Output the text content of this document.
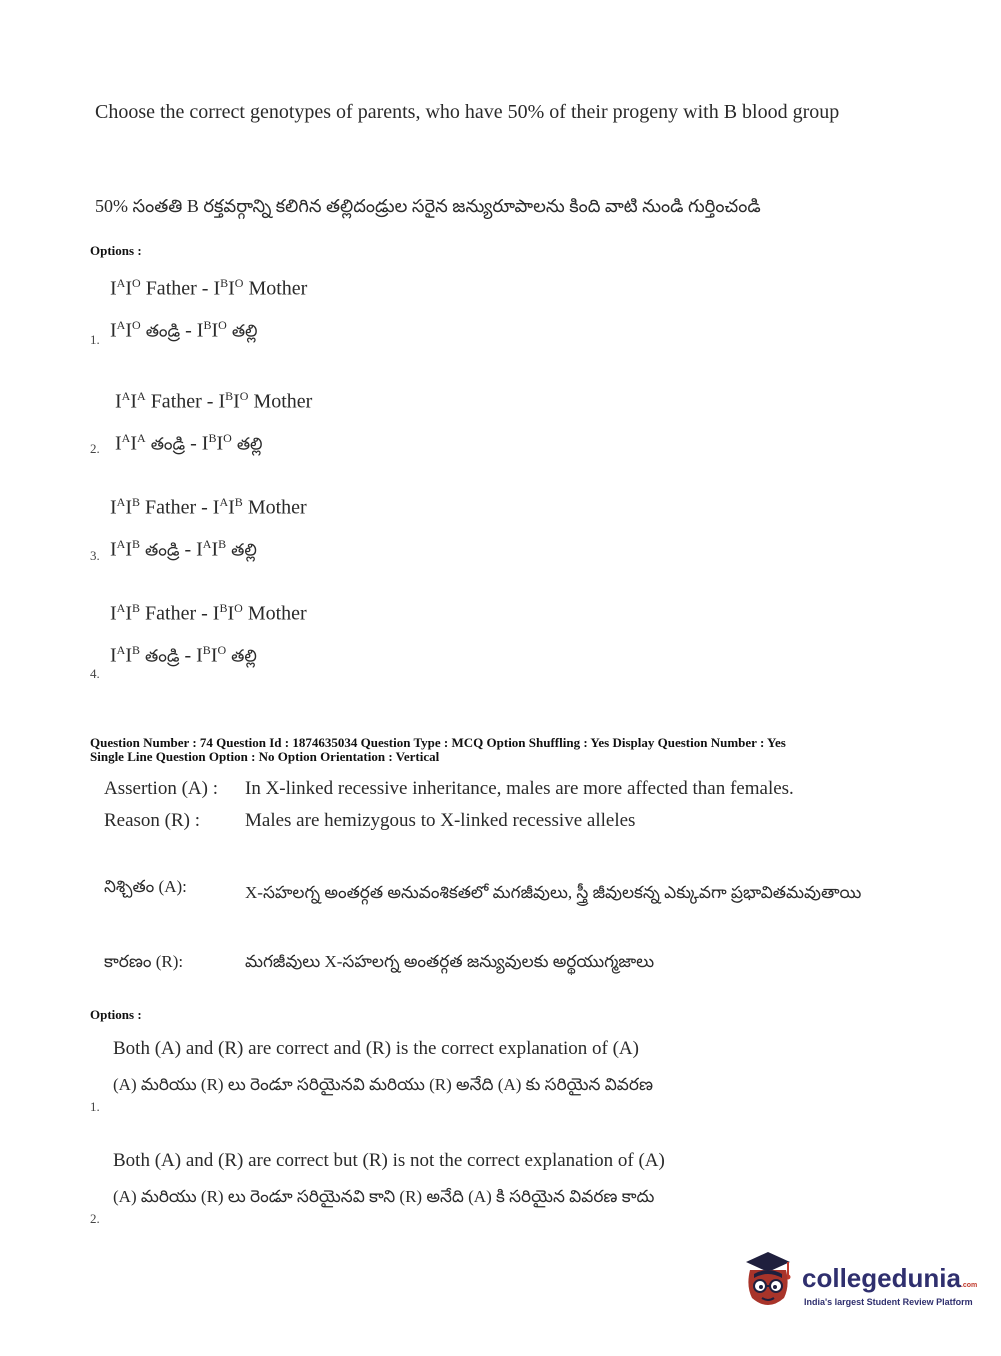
Choose the correct genotypes of parents, who have 50% of their progeny with B blood group
50% సంతతి B రక్తవర్గాన్ని కలిగిన తల్లిదండ్రుల సరైన జన్యురూపాలను కింది వాటి నుండి గుర్తించండి
Options :
$I^AI^O$ Father - $I^BI^O$ Mother
$I^AI^O$ తండ్రి - $I^BI^O$ తల్లి
1.
$I^AI^A$ Father - $I^BI^O$ Mother
$I^AI^A$ తండ్రి - $I^BI^O$ తల్లి
2.
$I^AI^B$ Father - $I^AI^B$ Mother
$I^AI^B$ తండ్రి - $I^AI^B$ తల్లి
3.
$I^AI^B$ Father - $I^BI^O$ Mother
$I^AI^B$ తండ్రి - $I^BI^O$ తల్లి
4.
Question Number : 74 Question Id : 1874635034 Question Type : MCQ Option Shuffling : Yes Display Question Number : Yes
Single Line Question Option : No Option Orientation : Vertical
Assertion (A) : In X-linked recessive inheritance, males are more affected than females.
Reason (R) : Males are hemizygous to X-linked recessive alleles
నిశ్చితం (A):	X-సహలగ్న అంతర్గత అనువంశికతలో మగజీవులు, స్త్రీ జీవులకన్న ఎక్కువగా ప్రభావితమవుతాయి
కారణం (R):	మగజీవులు X-సహలగ్న అంతర్గత జన్యువులకు అర్థయుగ్మజాలు
Options :
Both (A) and (R) are correct and (R) is the correct explanation of (A)
(A) మరియు (R) లు రెండూ సరియైనవి మరియు (R) అనేది (A) కు సరియైన వివరణ
1.
Both (A) and (R) are correct but (R) is not the correct explanation of (A)
(A) మరియు (R) లు రెండూ సరియైనవి కాని (R) అనేది (A) కి సరియైన వివరణ కాదు
2.
collegedunia.com
India's largest Student Review Platform
